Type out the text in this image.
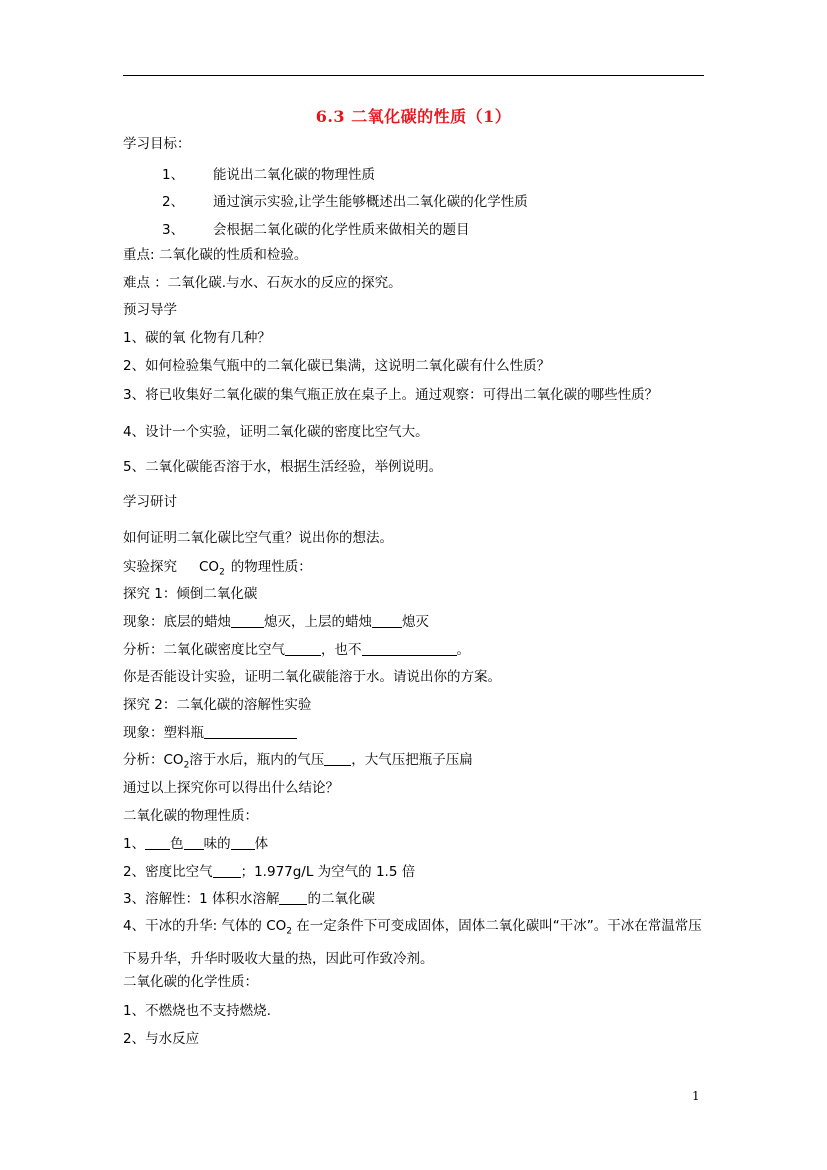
6.3 二氧化碳的性质（1）
学习目标：
1、 能说出二氧化碳的物理性质
2、 通过演示实验,让学生能够概述出二氧化碳的化学性质
3、 会根据二氧化碳的化学性质来做相关的题目
重点: 二氧化碳的性质和检验。
难点 ：二氧化碳.与水、石灰水的反应的探究。
预习导学
1、碳的氧 化物有几种？
2、如何检验集气瓶中的二氧化碳已集满，这说明二氧化碳有什么性质？
3、将已收集好二氧化碳的集气瓶正放在桌子上。通过观察：可得出二氧化碳的哪些性质？
4、设计一个实验，证明二氧化碳的密度比空气大。
5、二氧化碳能否溶于水，根据生活经验，举例说明。
学习研讨
如何证明二氧化碳比空气重？说出你的想法。
实验探究 $CO_2$ 的物理性质：
探究 1：倾倒二氧化碳
现象：底层的蜡烛 熄灭，上层的蜡烛 熄灭
分析：二氧化碳密度比空气	，也不	。
你是否能设计实验，证明二氧化碳能溶于水。请说出你的方案。
探究 2：二氧化碳的溶解性实验
现象：塑料瓶
分析：$CO_2$溶于水后，瓶内的气压 ，大气压把瓶子压扁
通过以上探究你可以得出什么结论？
二氧化碳的物理性质：
1、 色 味的 体
2、密度比空气 ；1.977g/L 为空气的 1.5 倍
3、溶解性：1 体积水溶解 的二氧化碳
4、干冰的升华: 气体的 $CO_2$ 在一定条件下可变成固体，固体二氧化碳叫“干冰”。干冰在常温常压下易升华，升华时吸收大量的热，因此可作致冷剂。
二氧化碳的化学性质：
1、不燃烧也不支持燃烧.
2、与水反应
1
